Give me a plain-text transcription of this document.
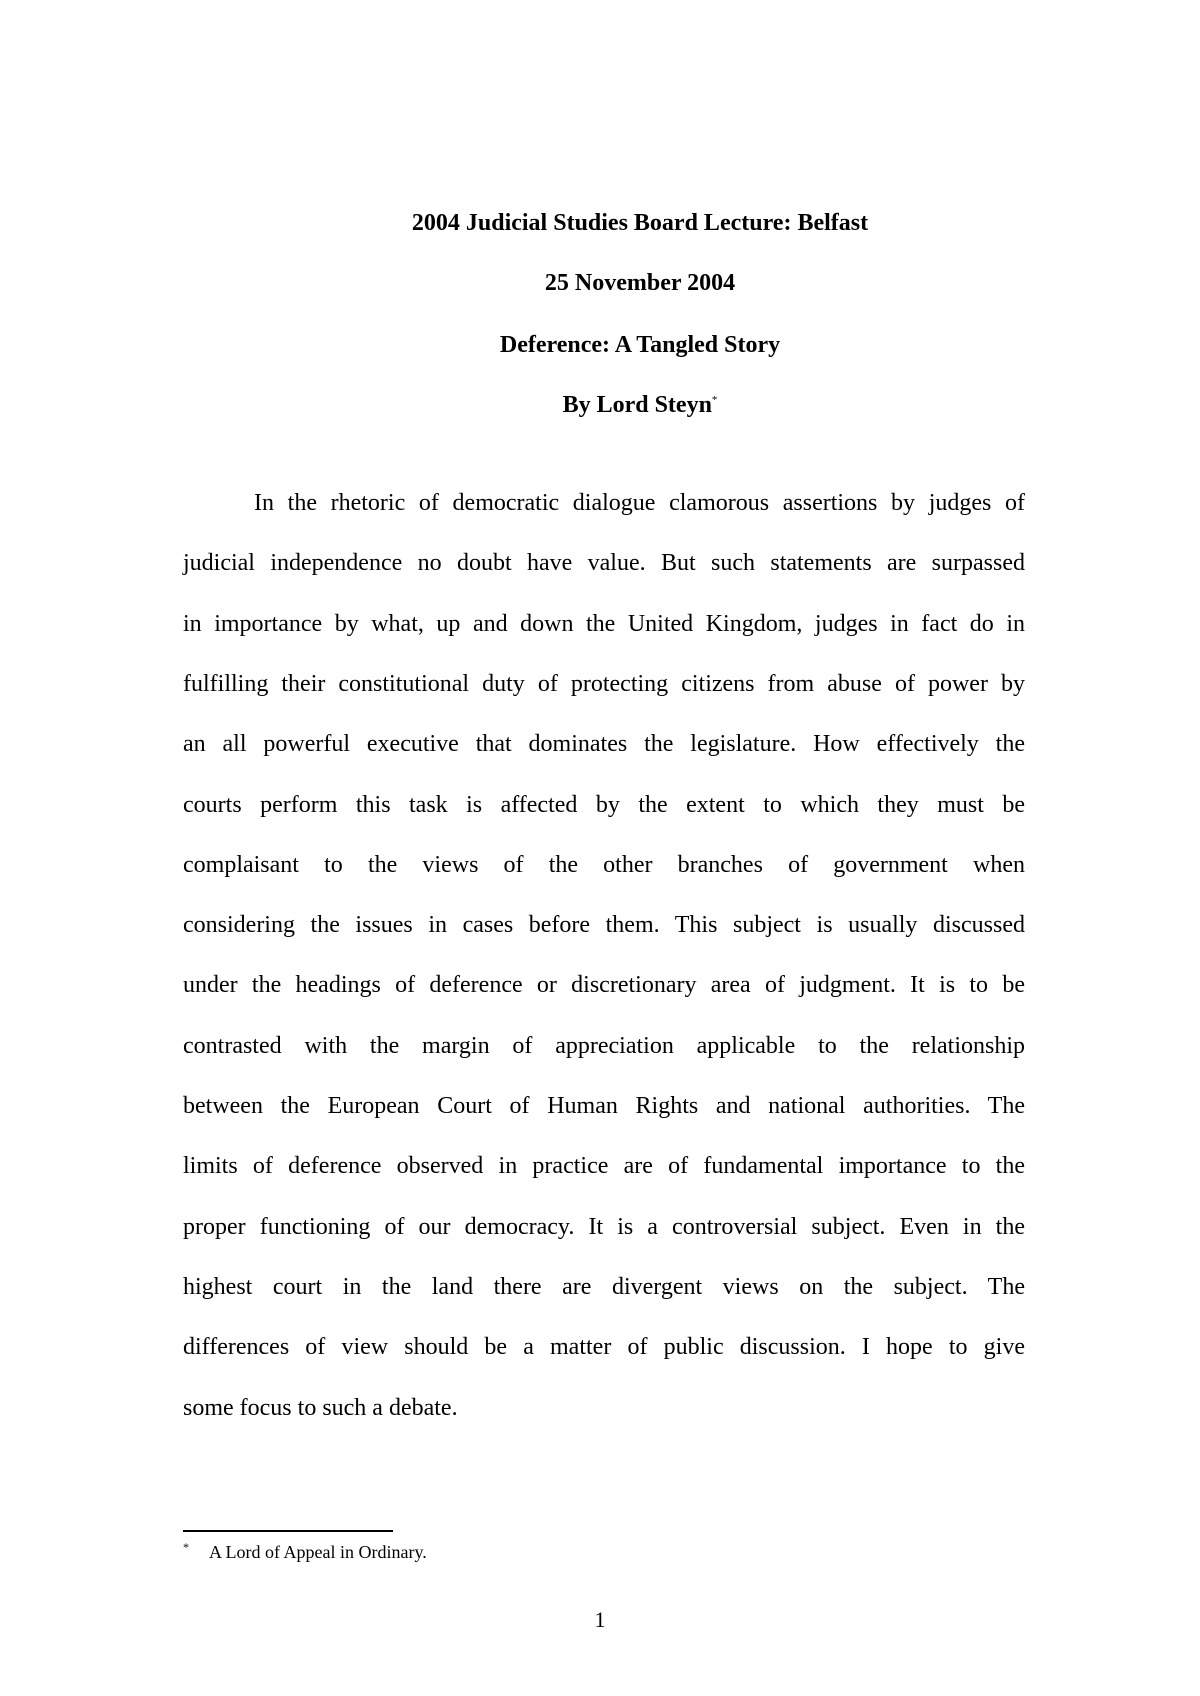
2004 Judicial Studies Board Lecture: Belfast
25 November 2004
Deference: A Tangled Story
By Lord Steyn*
In the rhetoric of democratic dialogue clamorous assertions by judges of
judicial independence no doubt have value. But such statements are surpassed
in importance by what, up and down the United Kingdom, judges in fact do in
fulfilling their constitutional duty of protecting citizens from abuse of power by
an all powerful executive that dominates the legislature. How effectively the
courts perform this task is affected by the extent to which they must be
complaisant to the views of the other branches of government when
considering the issues in cases before them. This subject is usually discussed
under the headings of deference or discretionary area of judgment. It is to be
contrasted with the margin of appreciation applicable to the relationship
between the European Court of Human Rights and national authorities. The
limits of deference observed in practice are of fundamental importance to the
proper functioning of our democracy. It is a controversial subject. Even in the
highest court in the land there are divergent views on the subject. The
differences of view should be a matter of public discussion. I hope to give
some focus to such a debate.
* A Lord of Appeal in Ordinary.
1
